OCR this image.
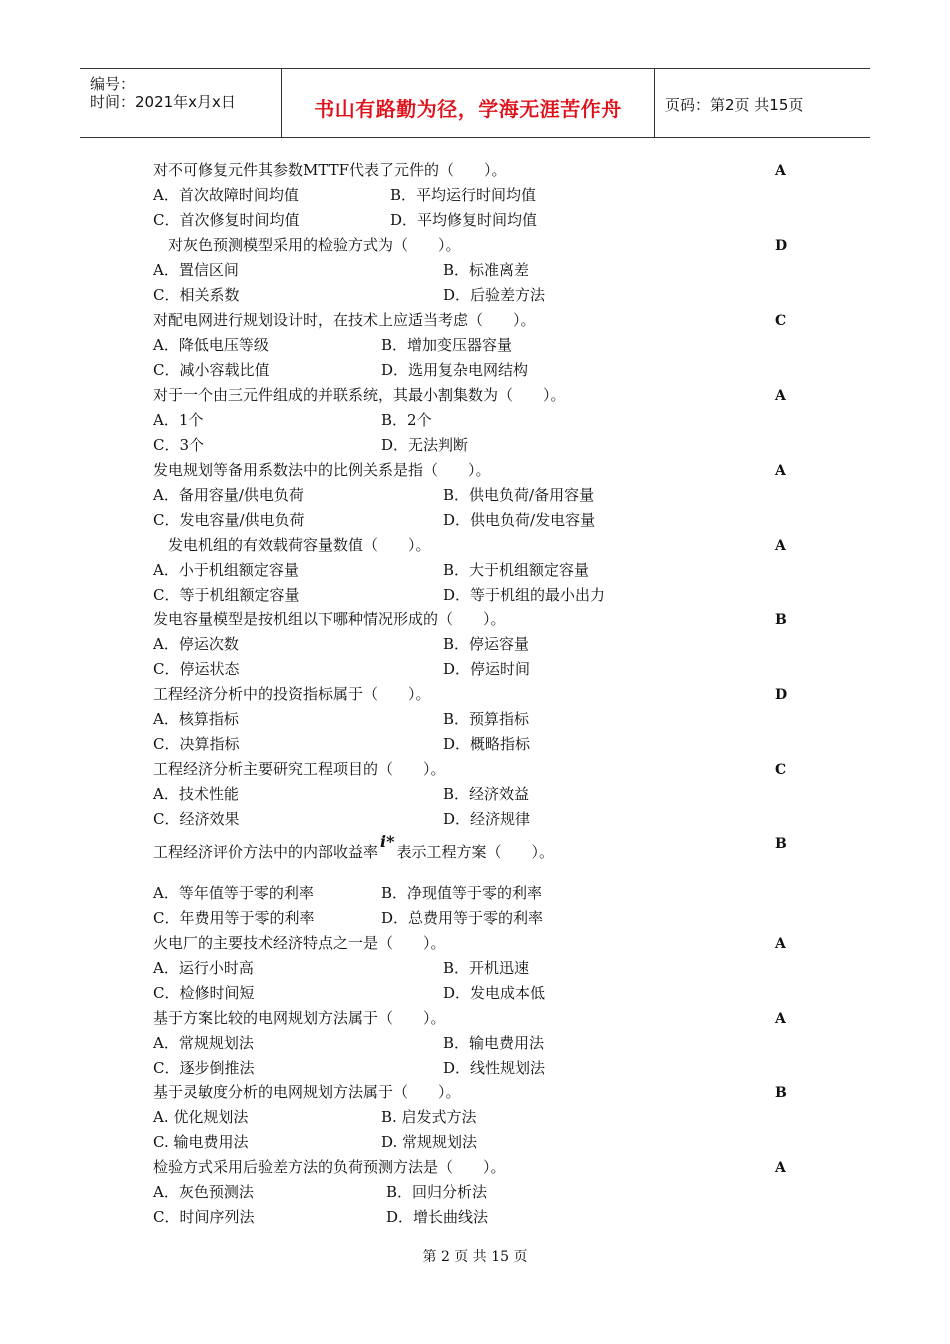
编号：
时间：2021年x月x日	书山有路勤为径，学海无涯苦作舟	页码：第2页 共15页
对不可修复元件其参数MTTF代表了元件的（　　）。	A
A．首次故障时间均值	B．平均运行时间均值
C．首次修复时间均值	D．平均修复时间均值
对灰色预测模型采用的检验方式为（　　）。	D
A．置信区间	B．标准离差
C．相关系数	D．后验差方法
对配电网进行规划设计时，在技术上应适当考虑（　　）。	C
A．降低电压等级	B．增加变压器容量
C．减小容载比值	D．选用复杂电网结构
对于一个由三元件组成的并联系统，其最小割集数为（　　）。	A
A．1个	B．2个
C．3个	D．无法判断
发电规划等备用系数法中的比例关系是指（　　）。	A
A．备用容量/供电负荷	B．供电负荷/备用容量
C．发电容量/供电负荷	D．供电负荷/发电容量
发电机组的有效载荷容量数值（　　）。	A
A．小于机组额定容量	B．大于机组额定容量
C．等于机组额定容量	D．等于机组的最小出力
发电容量模型是按机组以下哪种情况形成的（　　）。	B
A．停运次数	B．停运容量
C．停运状态	D．停运时间
工程经济分析中的投资指标属于（　　）。	D
A．核算指标	B．预算指标
C．决算指标	D．概略指标
工程经济分析主要研究工程项目的（　　）。	C
A．技术性能	B．经济效益
C．经济效果	D．经济规律
工程经济评价方法中的内部收益率i*表示工程方案（　　）。	B
A．等年值等于零的利率	B．净现值等于零的利率
C．年费用等于零的利率	D．总费用等于零的利率
火电厂的主要技术经济特点之一是（　　）。	A
A．运行小时高	B．开机迅速
C．检修时间短	D．发电成本低
基于方案比较的电网规划方法属于（　　）。	A
A．常规规划法	B．输电费用法
C．逐步倒推法	D．线性规划法
基于灵敏度分析的电网规划方法属于（　　）。	B
A. 优化规划法	B. 启发式方法
C. 输电费用法	D. 常规规划法
检验方式采用后验差方法的负荷预测方法是（　　）。	A
A．灰色预测法	B．回归分析法
C．时间序列法	D．增长曲线法
第 2 页 共 15 页
